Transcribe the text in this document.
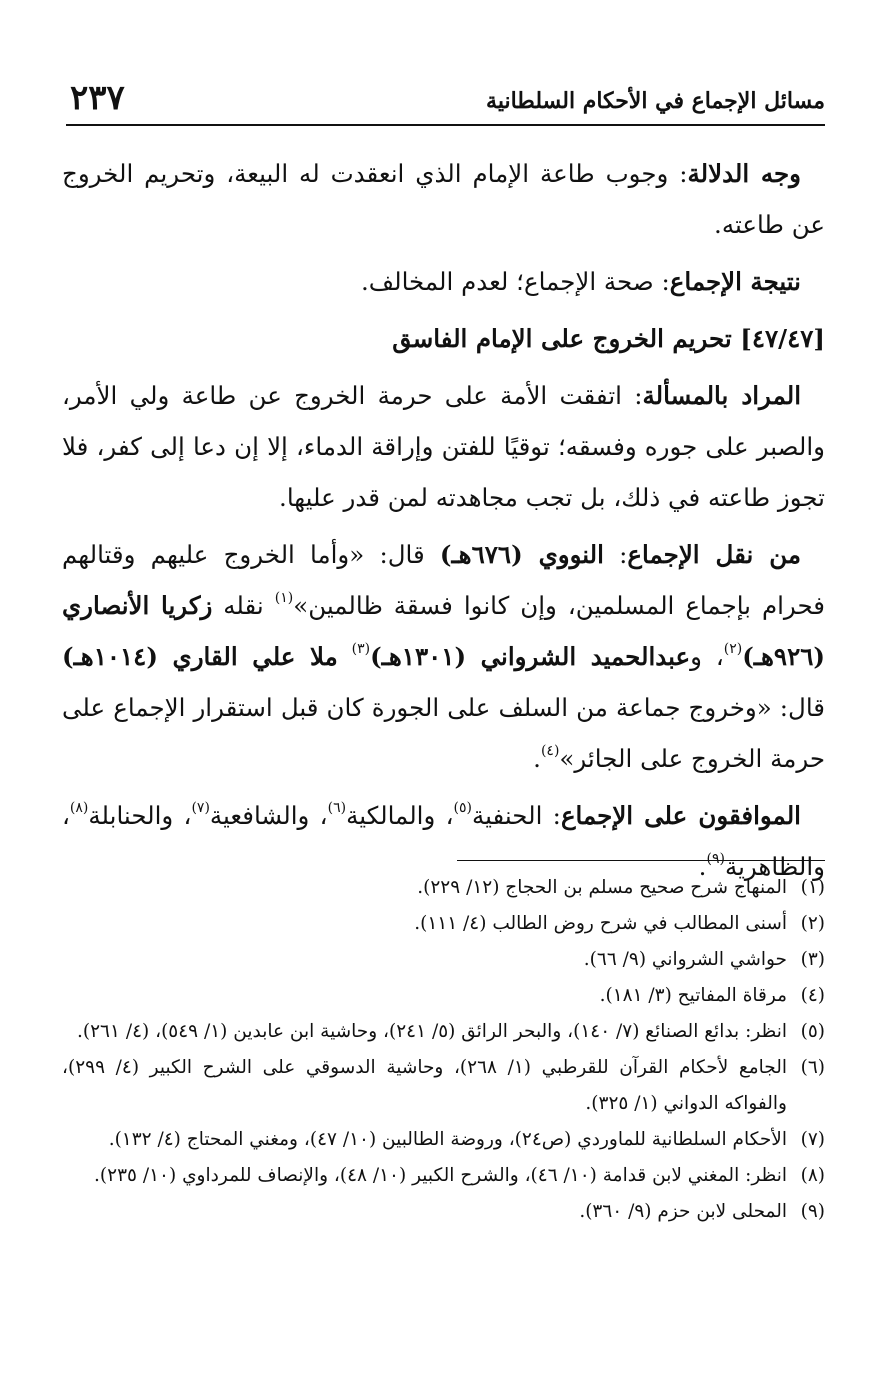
مسائل الإجماع في الأحكام السلطانية
٢٣٧

وجه الدلالة: وجوب طاعة الإمام الذي انعقدت له البيعة، وتحريم الخروج عن طاعته.

نتيجة الإجماع: صحة الإجماع؛ لعدم المخالف.

[٤٧/٤٧] تحريم الخروج على الإمام الفاسق

المراد بالمسألة: اتفقت الأمة على حرمة الخروج عن طاعة ولي الأمر، والصبر على جوره وفسقه؛ توقيًا للفتن وإراقة الدماء، إلا إن دعا إلى كفر، فلا تجوز طاعته في ذلك، بل تجب مجاهدته لمن قدر عليها.

من نقل الإجماع: النووي (٦٧٦هـ) قال: «وأما الخروج عليهم وقتالهم فحرام بإجماع المسلمين، وإن كانوا فسقة ظالمين»$^{(١)}$ نقله زكريا الأنصاري (٩٢٦هـ)$^{(٢)}$، وعبدالحميد الشرواني (١٣٠١هـ)$^{(٣)}$ ملا علي القاري (١٠١٤هـ) قال: «وخروج جماعة من السلف على الجورة كان قبل استقرار الإجماع على حرمة الخروج على الجائر»$^{(٤)}$.

الموافقون على الإجماع: الحنفية$^{(٥)}$، والمالكية$^{(٦)}$، والشافعية$^{(٧)}$، والحنابلة$^{(٨)}$، والظاهرية$^{(٩)}$.

(١)
المنهاج شرح صحيح مسلم بن الحجاج (١٢/ ٢٢٩).

(٢)
أسنى المطالب في شرح روض الطالب (٤/ ١١١).

(٣)
حواشي الشرواني (٩/ ٦٦).

(٤)
مرقاة المفاتيح (٣/ ١٨١).

(٥)
انظر: بدائع الصنائع (٧/ ١٤٠)، والبحر الرائق (٥/ ٢٤١)، وحاشية ابن عابدين (١/ ٥٤٩)، (٤/ ٢٦١).

(٦)
الجامع لأحكام القرآن للقرطبي (١/ ٢٦٨)، وحاشية الدسوقي على الشرح الكبير (٤/ ٢٩٩)، والفواكه الدواني (١/ ٣٢٥).

(٧)
الأحكام السلطانية للماوردي (ص٢٤)، وروضة الطالبين (١٠/ ٤٧)، ومغني المحتاج (٤/ ١٣٢).

(٨)
انظر: المغني لابن قدامة (١٠/ ٤٦)، والشرح الكبير (١٠/ ٤٨)، والإنصاف للمرداوي (١٠/ ٢٣٥).

(٩)
المحلى لابن حزم (٩/ ٣٦٠).
